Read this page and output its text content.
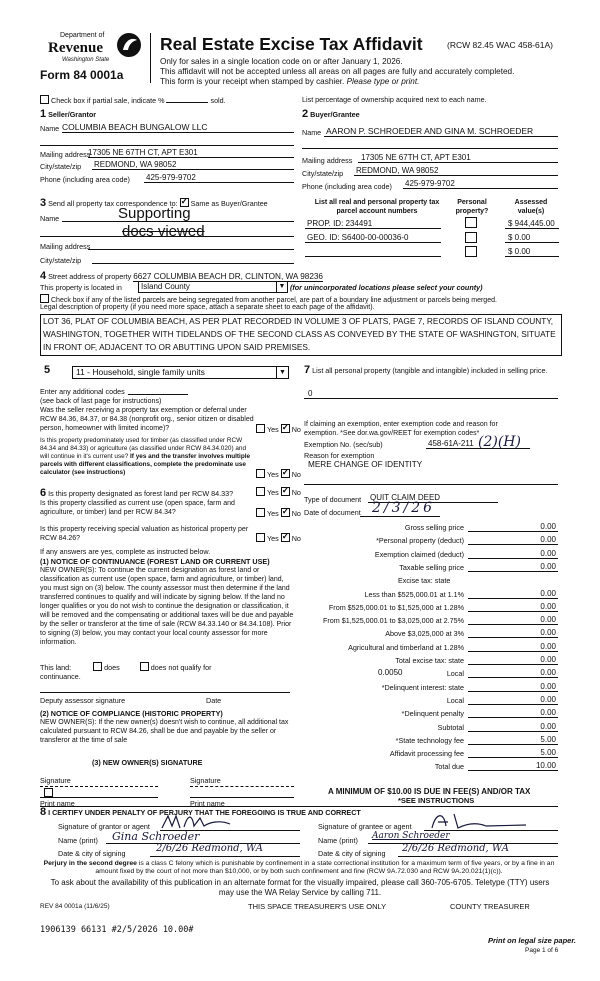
Department of
Revenue
Washington State
Form 84 0001a
Real Estate Excise Tax Affidavit	(RCW 82.45 WAC 458-61A)
Only for sales in a single location code on or after January 1, 2026.
This affidavit will not be accepted unless all areas on all pages are fully and accurately completed.
This form is your receipt when stamped by cashier. Please type or print.
Check box if partial sale, indicate %	sold.	List percentage of ownership acquired next to each name.
1 Seller/Grantor
Name COLUMBIA BEACH BUNGALOW LLC
Mailing address
17305 NE 67TH CT, APT E301
City/state/zip REDMOND, WA 98052
Phone (including area code) 425-979-9702
2 Buyer/Grantee
Name AARON P. SCHROEDER AND GINA M. SCHROEDER
Mailing address 17305 NE 67TH CT, APT E301
City/state/zip REDMOND, WA 98052
Phone (including area code) 425-979-9702
3 Send all property tax correspondence to: ✓ Same as Buyer/Grantee
Name	Supporting
docs viewed
Mailing address
City/state/zip
List all real and personal property tax
parcel account numbers
Personal
property?
Assessed
value(s)
PROP. ID: 234491	$ 944,445.00
GEO. ID: S6400-00-00036-0	$ 0.00
$ 0.00
4 Street address of property 6627 COLUMBIA BEACH DR, CLINTON, WA 98236
This property is located in	Island County	▼ (for unincorporated locations please select your county)
Check box if any of the listed parcels are being segregated from another parcel, are part of a boundary line adjustment or parcels being merged.
Legal description of property (if you need more space, attach a separate sheet to each page of the affidavit).
LOT 36, PLAT OF COLUMBIA BEACH, AS PER PLAT RECORDED IN VOLUME 3 OF PLATS, PAGE 7, RECORDS OF ISLAND COUNTY, WASHINGTON, TOGETHER WITH TIDELANDS OF THE SECOND CLASS AS CONVEYED BY THE STATE OF WASHINGTON, SITUATE IN FRONT OF, ADJACENT TO OR ABUTTING UPON SAID PREMISES.
5	11 - Household, single family units	▼
Enter any additional codes
(see back of last page for instructions)
Was the seller receiving a property tax exemption or deferral under RCW 84.36, 84.37, or 84.38 (nonprofit org., senior citizen or disabled person, homeowner with limited income)?	Yes ✓ No
Is this property predominately used for timber (as classified under RCW 84.34 and 84.33) or agriculture (as classified under RCW 84.34.020) and will continue in it's current use? If yes and the transfer involves multiple parcels with different classifications, complete the predominate use calculator (see instructions)	Yes ✓ No
6 Is this property designated as forest land per RCW 84.33?	Yes ✓ No
Is this property classified as current use (open space, farm and agriculture, or timber) land per RCW 84.34?	Yes ✓ No
Is this property receiving special valuation as historical property per RCW 84.26?	Yes ✓ No
If any answers are yes, complete as instructed below.
(1) NOTICE OF CONTINUANCE (FOREST LAND OR CURRENT USE)
NEW OWNER(S): To continue the current designation as forest land or classification as current use (open space, farm and agriculture, or timber) land, you must sign on (3) below. The county assessor must then determine if the land transferred continues to qualify and will indicate by signing below. If the land no longer qualifies or you do not wish to continue the designation or classification, it will be removed and the compensating or additional taxes will be due and payable by the seller or transferor at the time of sale (RCW 84.33.140 or 84.34.108). Prior to signing (3) below, you may contact your local county assessor for more information.
This land:	does	does not qualify for
continuance.
Deputy assessor signature	Date
(2) NOTICE OF COMPLIANCE (HISTORIC PROPERTY)
NEW OWNER(S): If the new owner(s) doesn't wish to continue, all additional tax calculated pursuant to RCW 84.26, shall be due and payable by the seller or transferor at the time of sale
(3) NEW OWNER(S) SIGNATURE
Signature	Signature
Print name	Print name
7 List all personal property (tangible and intangible) included in selling price.
0
If claiming an exemption, enter exemption code and reason for exemption. *See dor.wa.gov/REET for exemption codes*
Exemption No. (sec/sub)	458-61A-211 (2)(H)
Reason for exemption
MERE CHANGE OF IDENTITY
Type of document QUIT CLAIM DEED
Date of document 2/3/26
Gross selling price	0.00
*Personal property (deduct)	0.00
Exemption claimed (deduct)	0.00
Taxable selling price	0.00
Excise tax: state
Less than $525,000.01 at 1.1%	0.00
From $525,000.01 to $1,525,000 at 1.28%	0.00
From $1,525,000.01 to $3,025,000 at 2.75%	0.00
Above $3,025,000 at 3%	0.00
Agricultural and timberland at 1.28%	0.00
Total excise tax: state	0.00
Local
0.0050	0.00
*Delinquent interest: state	0.00
Local	0.00
*Delinquent penalty	0.00
Subtotal	0.00
*State technology fee	5.00
Affidavit processing fee	5.00
Total due	10.00
A MINIMUM OF $10.00 IS DUE IN FEE(S) AND/OR TAX
*SEE INSTRUCTIONS
8 I CERTIFY UNDER PENALTY OF PERJURY THAT THE FOREGOING IS TRUE AND CORRECT
Signature of grantor or agent
Name (print) Gina Schroeder
Date & city of signing	2/6/26 Redmond, WA
Signature of grantee or agent
Name (print) Aaron Schroeder
Date & city of signing 2/6/26 Redmond, WA
Perjury in the second degree is a class C felony which is punishable by confinement in a state correctional institution for a maximum term of five years, or by a fine in an amount fixed by the court of not more than $10,000, or by both such confinement and fine (RCW 9A.72.030 and RCW 9A.20.021(1)(c)).
To ask about the availability of this publication in an alternate format for the visually impaired, please call 360-705-6705. Teletype (TTY) users may use the WA Relay Service by calling 711.
REV 84 0001a (11/6/25)	THIS SPACE TREASURER'S USE ONLY	COUNTY TREASURER
1906139 66131 #2/5/2026 10.00#
Print on legal size paper.
Page 1 of 6
